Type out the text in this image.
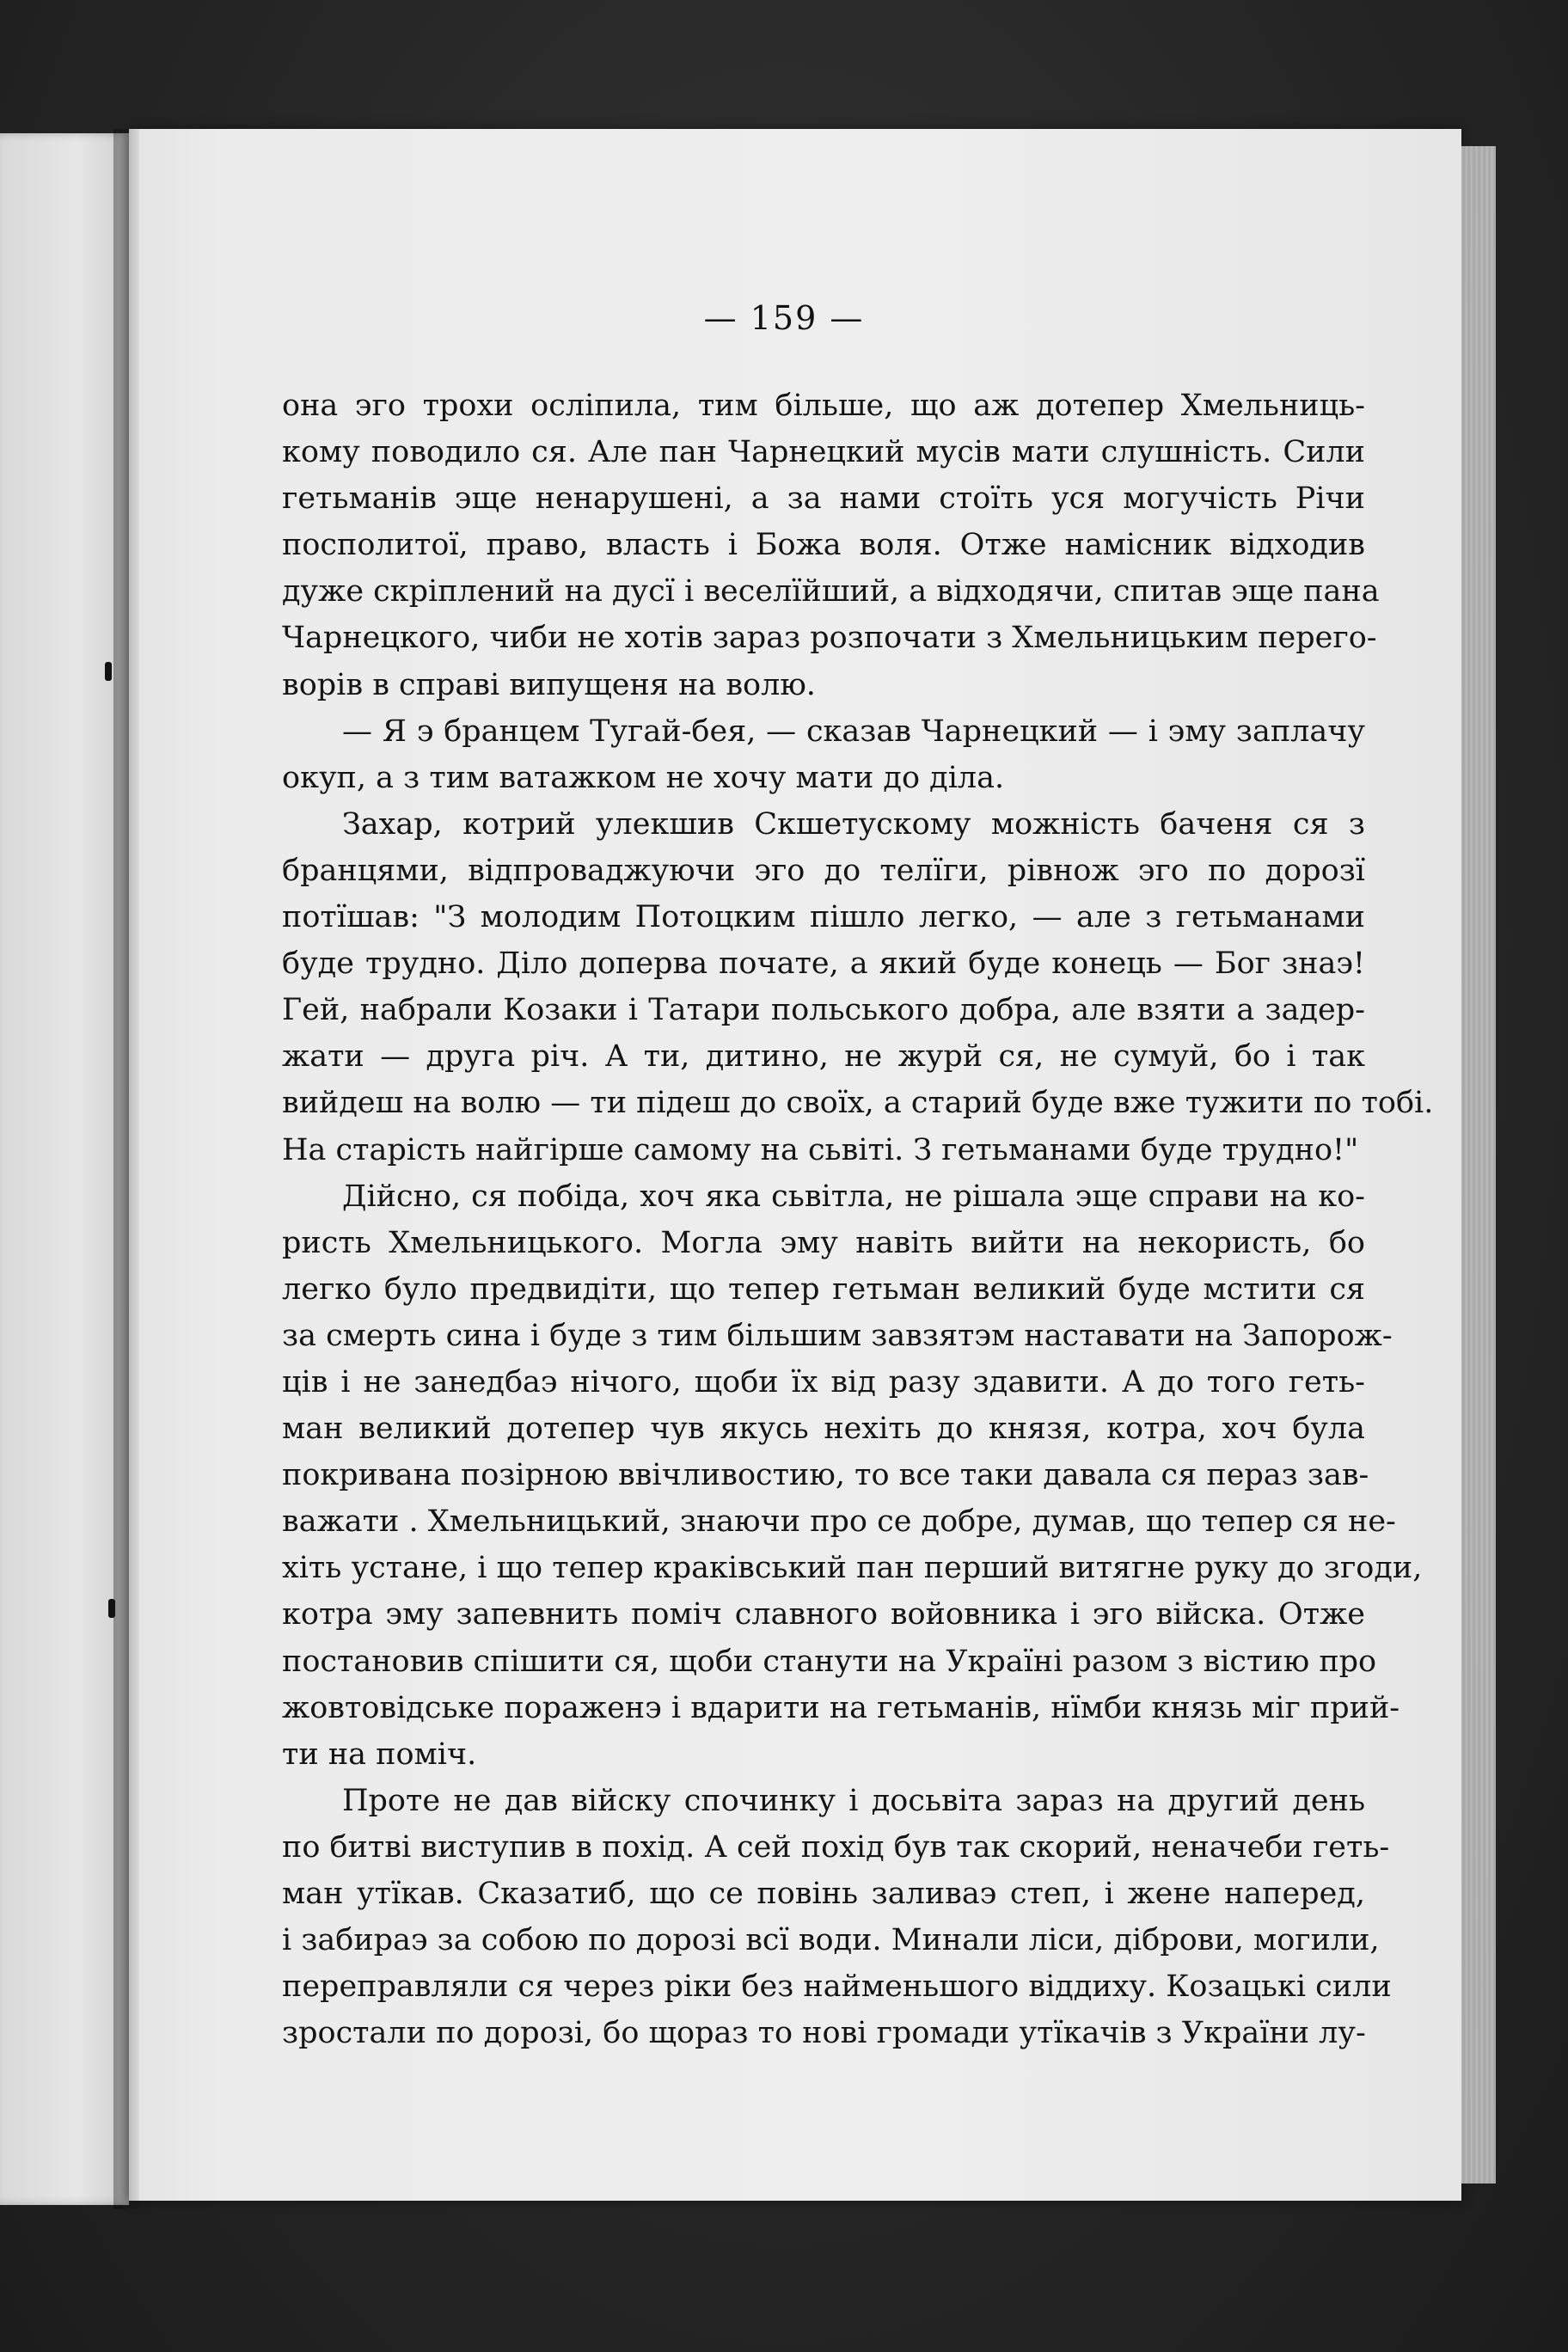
— 159 —
она эго трохи осліпила, тим більше, що аж дотепер Хмельниць-
кому поводило ся. Але пан Чарнецкий мусів мати слушність. Сили
гетьманів эще ненарушені, а за нами стоїть уся могучість Річи
посполитої, право, власть і Божа воля. Отже намісник відходив
дуже скріплений на дусї і веселїйший, а відходячи, спитав эще пана
Чарнецкого, чиби не хотів зараз розпочати з Хмельницьким перего-
ворів в справі випущеня на волю.
— Я э бранцем Тугай-бея, — сказав Чарнецкий — і эму заплачу
окуп, а з тим ватажком не хочу мати до діла.
Захар, котрий улекшив Скшетускому можність баченя ся з
бранцями, відпроваджуючи эго до телїги, рівнож эго по дорозї
потїшав: "З молодим Потоцким пішло легко, — але з гетьманами
буде трудно. Діло доперва почате, а який буде конець — Бог знаэ!
Гей, набрали Козаки і Татари польського добра, але взяти а задер-
жати — друга річ. А ти, дитино, не журй ся, не сумуй, бо і так
вийдеш на волю — ти підеш до своїх, а старий буде вже тужити по тобі.
На старість найгірше самому на сьвіті. З гетьманами буде трудно!"
Дійсно, ся побіда, хоч яка сьвітла, не рішала эще справи на ко-
ристь Хмельницького. Могла эму навіть вийти на некористь, бо
легко було предвидіти, що тепер гетьман великий буде мстити ся
за смерть сина і буде з тим більшим завзятэм наставати на Запорож-
ців і не занедбаэ нічого, щоби їх від разу здавити. А до того геть-
ман великий дотепер чув якусь нехіть до князя, котра, хоч була
покривана позірною ввічливостию, то все таки давала ся пераз зав-
важати . Хмельницький, знаючи про се добре, думав, що тепер ся не-
хіть устане, і що тепер краківський пан перший витягне руку до згоди,
котра эму запевнить поміч славного войовника і эго війска. Отже
постановив спішити ся, щоби станути на Україні разом з вістию про
жовтовідське пораженэ і вдарити на гетьманів, нїмби князь міг прий-
ти на поміч.
Проте не дав війску спочинку і досьвіта зараз на другий день
по битві виступив в похід. А сей похід був так скорий, неначеби геть-
ман утїкав. Сказатиб, що се повінь заливаэ степ, і жене наперед,
і забираэ за собою по дорозі всї води. Минали ліси, діброви, могили,
переправляли ся через ріки без найменьшого віддиху. Козацькі сили
зростали по дорозі, бо щораз то нові громади утїкачів з України лу-
